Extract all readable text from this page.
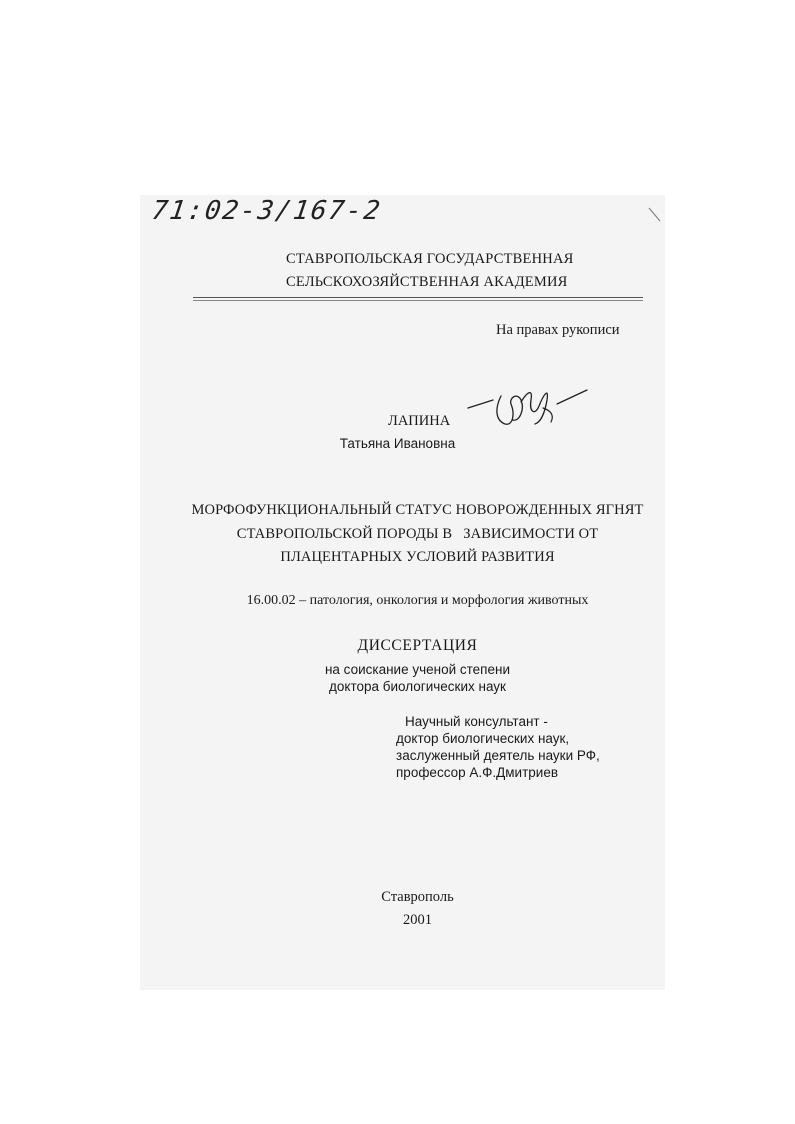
71:02-3/167-2
СТАВРОПОЛЬСКАЯ ГОСУДАРСТВЕННАЯ
СЕЛЬСКОХОЗЯЙСТВЕННАЯ АКАДЕМИЯ
На правах рукописи
ЛАПИНА
Татьяна Ивановна
МОРФОФУНКЦИОНАЛЬНЫЙ СТАТУС НОВОРОЖДЕННЫХ ЯГНЯТ
СТАВРОПОЛЬСКОЙ ПОРОДЫ В   ЗАВИСИМОСТИ ОТ
ПЛАЦЕНТАРНЫХ УСЛОВИЙ РАЗВИТИЯ
16.00.02 – патология, онкология и морфология животных
ДИССЕРТАЦИЯ
на соискание ученой степени
доктора биологических наук
Научный консультант -
доктор биологических наук,
заслуженный деятель науки РФ,
профессор А.Ф.Дмитриев
Ставрополь
2001
